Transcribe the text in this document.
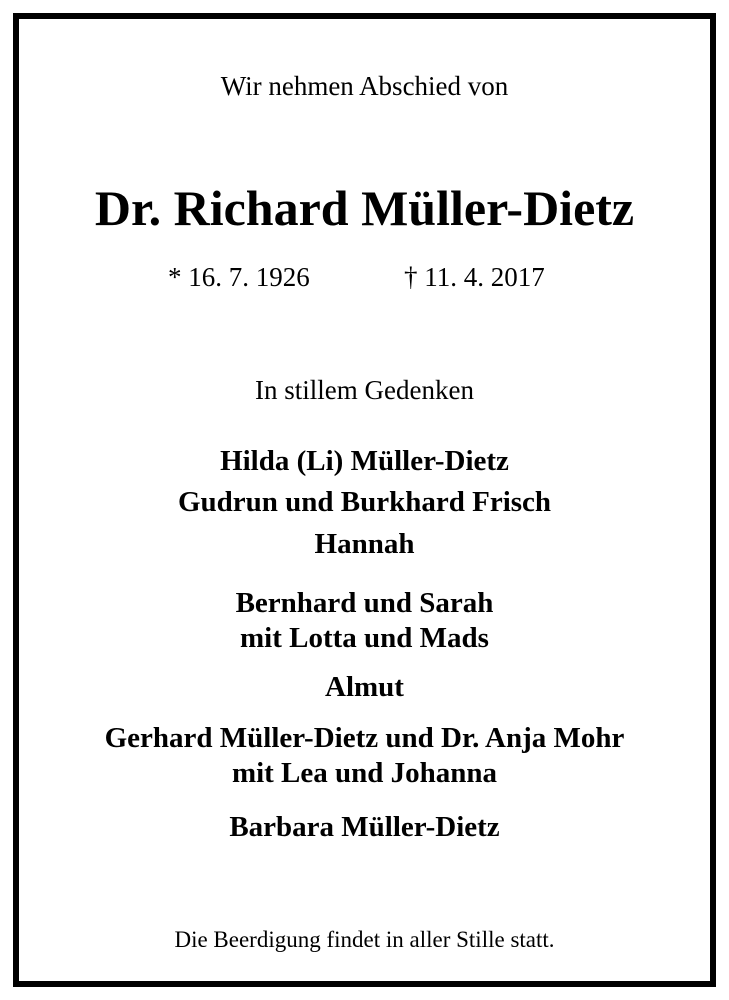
Wir nehmen Abschied von
Dr. Richard Müller-Dietz
* 16. 7. 1926	† 11. 4. 2017
In stillem Gedenken
Hilda (Li) Müller-Dietz
Gudrun und Burkhard Frisch
Hannah
Bernhard und Sarah
mit Lotta und Mads
Almut
Gerhard Müller-Dietz und Dr. Anja Mohr
mit Lea und Johanna
Barbara Müller-Dietz
Die Beerdigung findet in aller Stille statt.
